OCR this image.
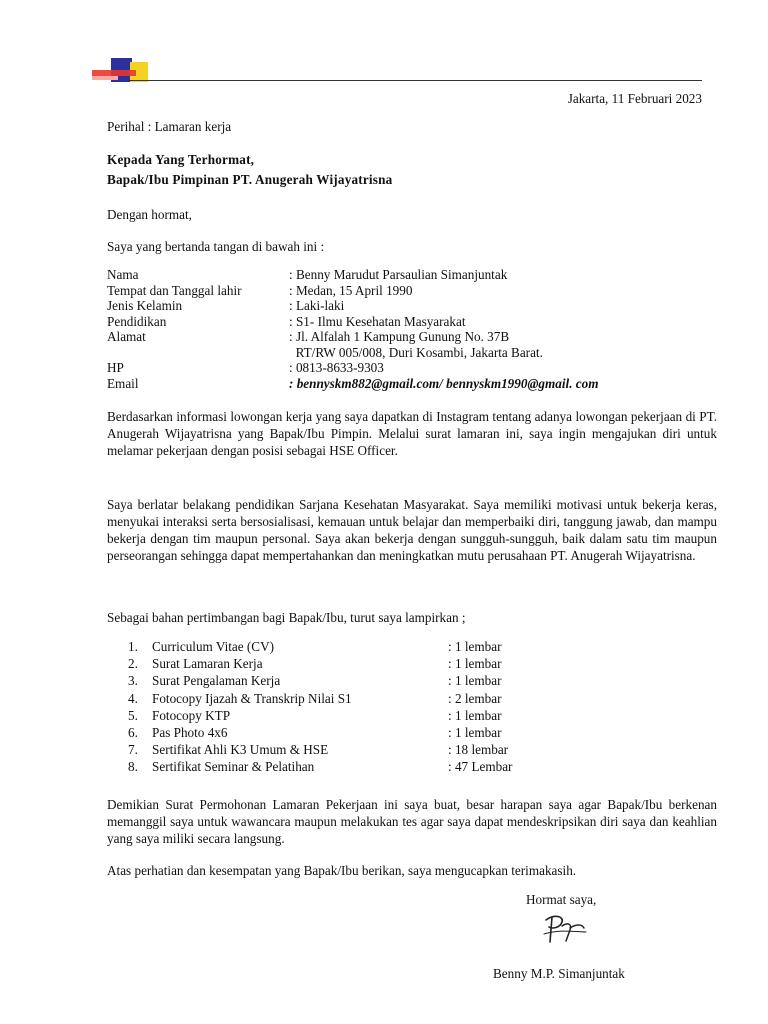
Jakarta, 11 Februari 2023
Perihal : Lamaran kerja
Kepada Yang Terhormat,
Bapak/Ibu Pimpinan PT. Anugerah Wijayatrisna
Dengan hormat,
Saya yang bertanda tangan di bawah ini :
Nama	: Benny Marudut Parsaulian Simanjuntak
Tempat dan Tanggal lahir	: Medan, 15 April 1990
Jenis Kelamin	: Laki-laki
Pendidikan	: S1- Ilmu Kesehatan Masyarakat
Alamat	: Jl. Alfalah 1 Kampung Gunung No. 37B
RT/RW 005/008, Duri Kosambi, Jakarta Barat.
HP	: 0813-8633-9303
Email	: bennyskm882@gmail.com/ bennyskm1990@gmail. com
Berdasarkan informasi lowongan kerja yang saya dapatkan di Instagram tentang adanya lowongan pekerjaan di PT. Anugerah Wijayatrisna yang Bapak/Ibu Pimpin. Melalui surat lamaran ini, saya ingin mengajukan diri untuk melamar pekerjaan dengan posisi sebagai HSE Officer.
Saya berlatar belakang pendidikan Sarjana Kesehatan Masyarakat. Saya memiliki motivasi untuk bekerja keras, menyukai interaksi serta bersosialisasi, kemauan untuk belajar dan memperbaiki diri, tanggung jawab, dan mampu bekerja dengan tim maupun personal. Saya akan bekerja dengan sungguh-sungguh, baik dalam satu tim maupun perseorangan sehingga dapat mempertahankan dan meningkatkan mutu perusahaan PT. Anugerah Wijayatrisna.
Sebagai bahan pertimbangan bagi Bapak/Ibu, turut saya lampirkan ;
1. Curriculum Vitae (CV)	: 1 lembar
2. Surat Lamaran Kerja	: 1 lembar
3. Surat Pengalaman Kerja	: 1 lembar
4. Fotocopy Ijazah & Transkrip Nilai S1	: 2 lembar
5. Fotocopy KTP	: 1 lembar
6. Pas Photo 4x6	: 1 lembar
7. Sertifikat Ahli K3 Umum & HSE	: 18 lembar
8. Sertifikat Seminar & Pelatihan	: 47 Lembar
Demikian Surat Permohonan Lamaran Pekerjaan ini saya buat, besar harapan saya agar Bapak/Ibu berkenan memanggil saya untuk wawancara maupun melakukan tes agar saya dapat mendeskripsikan diri saya dan keahlian yang saya miliki secara langsung.
Atas perhatian dan kesempatan yang Bapak/Ibu berikan, saya mengucapkan terimakasih.
Hormat saya,
Benny M.P. Simanjuntak
